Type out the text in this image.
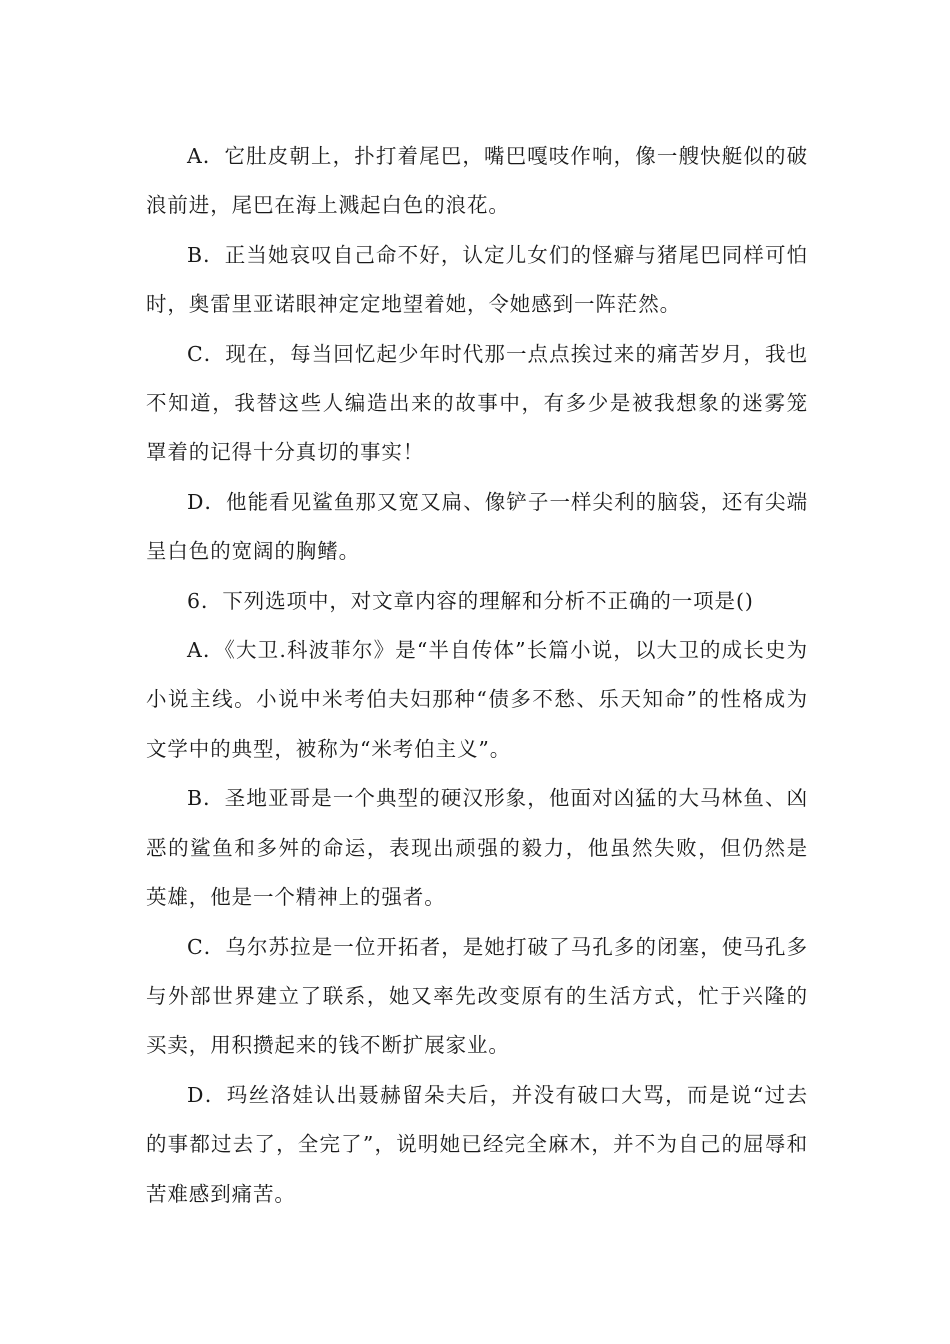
A．它肚皮朝上，扑打着尾巴，嘴巴嘎吱作响，像一艘快艇似的破浪前进，尾巴在海上溅起白色的浪花。

B．正当她哀叹自己命不好，认定儿女们的怪癖与猪尾巴同样可怕时，奥雷里亚诺眼神定定地望着她，令她感到一阵茫然。

C．现在，每当回忆起少年时代那一点点挨过来的痛苦岁月，我也不知道，我替这些人编造出来的故事中，有多少是被我想象的迷雾笼罩着的记得十分真切的事实！

D．他能看见鲨鱼那又宽又扁、像铲子一样尖利的脑袋，还有尖端呈白色的宽阔的胸鳍。

6．下列选项中，对文章内容的理解和分析不正确的一项是()

A．《大卫.科波菲尔》是“半自传体”长篇小说，以大卫的成长史为小说主线。小说中米考伯夫妇那种“债多不愁、乐天知命”的性格成为文学中的典型，被称为“米考伯主义”。

B．圣地亚哥是一个典型的硬汉形象，他面对凶猛的大马林鱼、凶恶的鲨鱼和多舛的命运，表现出顽强的毅力，他虽然失败，但仍然是英雄，他是一个精神上的强者。

C．乌尔苏拉是一位开拓者，是她打破了马孔多的闭塞，使马孔多与外部世界建立了联系，她又率先改变原有的生活方式，忙于兴隆的买卖，用积攒起来的钱不断扩展家业。

D．玛丝洛娃认出聂赫留朵夫后，并没有破口大骂，而是说“过去的事都过去了，全完了”，说明她已经完全麻木，并不为自己的屈辱和苦难感到痛苦。
